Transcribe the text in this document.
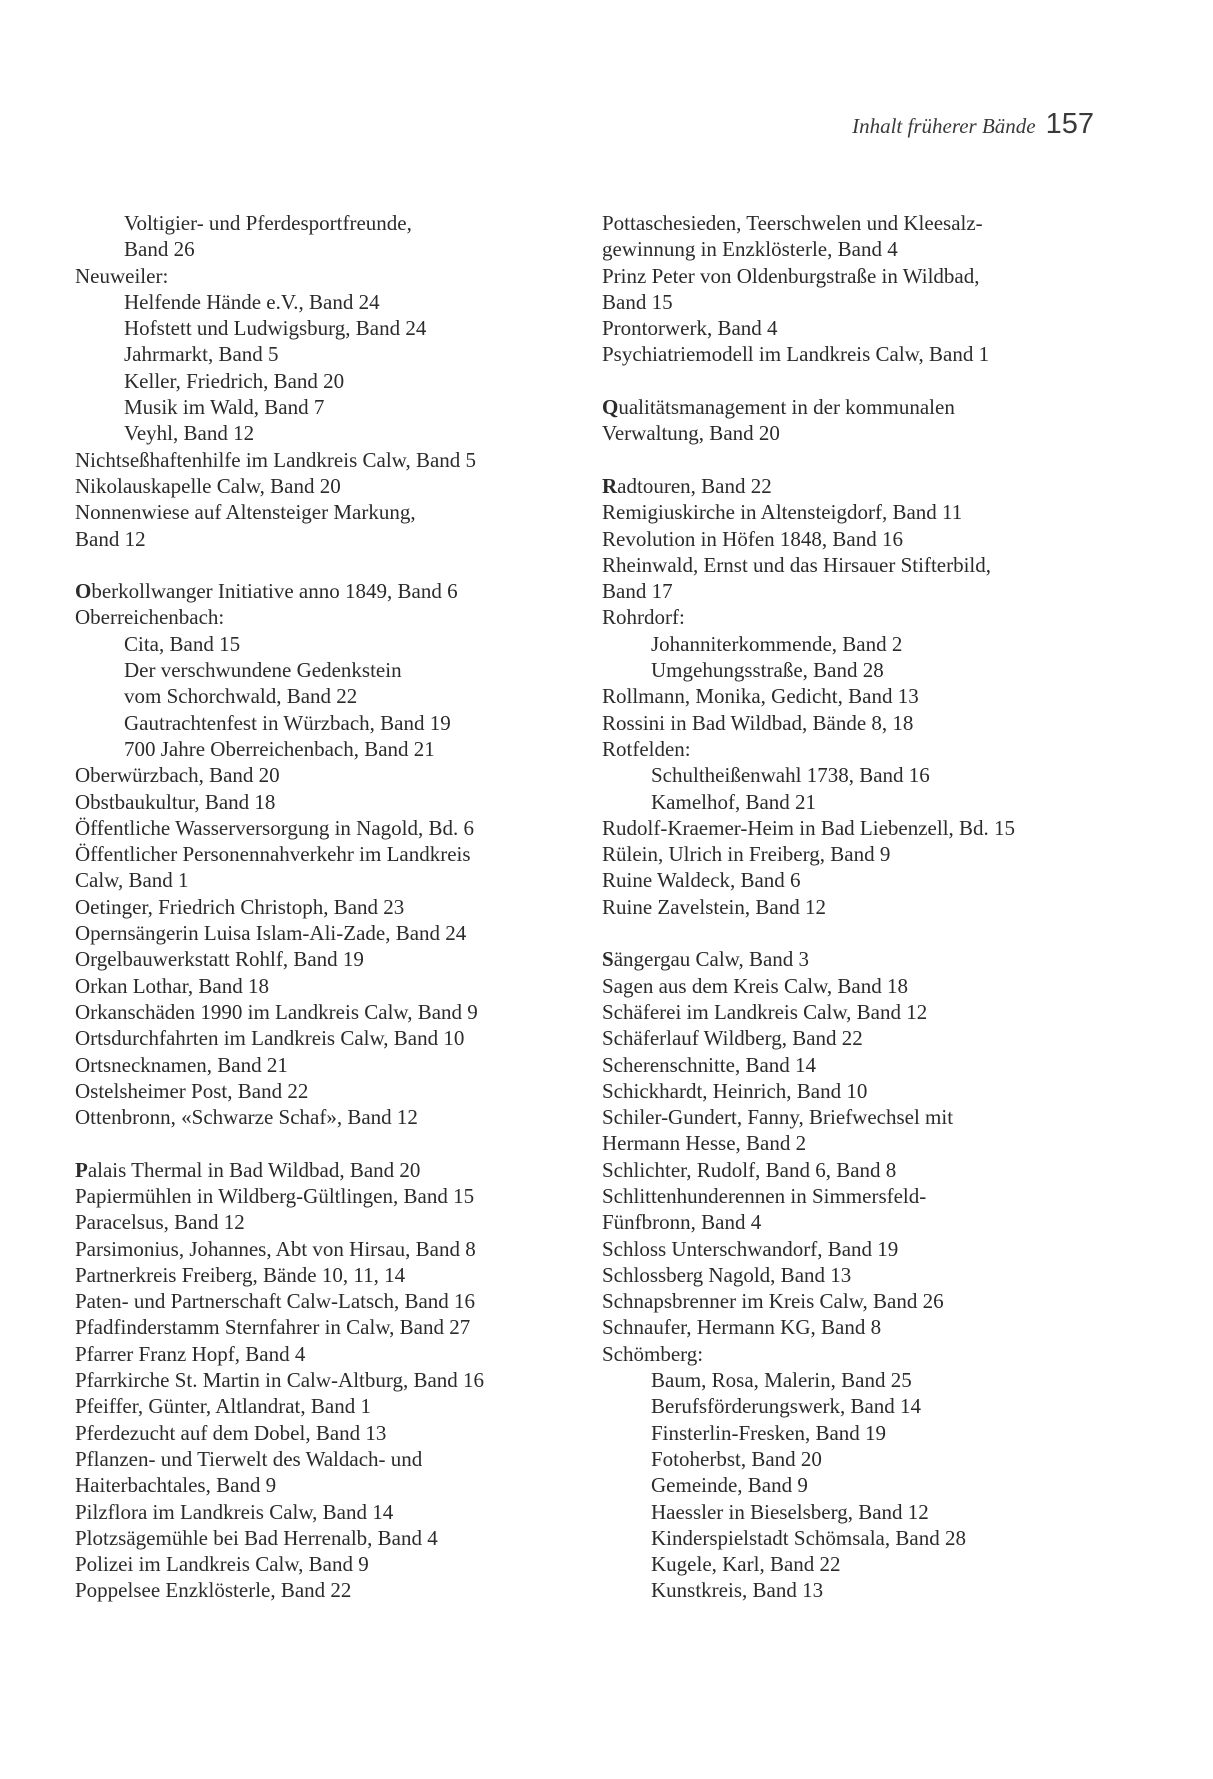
Inhalt früherer Bände 157
Voltigier- und Pferdesportfreunde,
Band 26
Neuweiler:
Helfende Hände e.V., Band 24
Hofstett und Ludwigsburg, Band 24
Jahrmarkt, Band 5
Keller, Friedrich, Band 20
Musik im Wald, Band 7
Veyhl, Band 12
Nichtseßhaftenhilfe im Landkreis Calw, Band 5
Nikolauskapelle Calw, Band 20
Nonnenwiese auf Altensteiger Markung,
Band 12
Oberkollwanger Initiative anno 1849, Band 6
Oberreichenbach:
Cita, Band 15
Der verschwundene Gedenkstein
vom Schorchwald, Band 22
Gautrachtenfest in Würzbach, Band 19
700 Jahre Oberreichenbach, Band 21
Oberwürzbach, Band 20
Obstbaukultur, Band 18
Öffentliche Wasserversorgung in Nagold, Bd. 6
Öffentlicher Personennahverkehr im Landkreis
Calw, Band 1
Oetinger, Friedrich Christoph, Band 23
Opernsängerin Luisa Islam-Ali-Zade, Band 24
Orgelbauwerkstatt Rohlf, Band 19
Orkan Lothar, Band 18
Orkanschäden 1990 im Landkreis Calw, Band 9
Ortsdurchfahrten im Landkreis Calw, Band 10
Ortsnecknamen, Band 21
Ostelsheimer Post, Band 22
Ottenbronn, «Schwarze Schaf», Band 12
Palais Thermal in Bad Wildbad, Band 20
Papiermühlen in Wildberg-Gültlingen, Band 15
Paracelsus, Band 12
Parsimonius, Johannes, Abt von Hirsau, Band 8
Partnerkreis Freiberg, Bände 10, 11, 14
Paten- und Partnerschaft Calw-Latsch, Band 16
Pfadfinderstamm Sternfahrer in Calw, Band 27
Pfarrer Franz Hopf, Band 4
Pfarrkirche St. Martin in Calw-Altburg, Band 16
Pfeiffer, Günter, Altlandrat, Band 1
Pferdezucht auf dem Dobel, Band 13
Pflanzen- und Tierwelt des Waldach- und
Haiterbachtales, Band 9
Pilzflora im Landkreis Calw, Band 14
Plotzsägemühle bei Bad Herrenalb, Band 4
Polizei im Landkreis Calw, Band 9
Poppelsee Enzklösterle, Band 22
Pottaschesieden, Teerschwelen und Kleesalz-
gewinnung in Enzklösterle, Band 4
Prinz Peter von Oldenburgstraße in Wildbad,
Band 15
Prontorwerk, Band 4
Psychiatriemodell im Landkreis Calw, Band 1
Qualitätsmanagement in der kommunalen
Verwaltung, Band 20
Radtouren, Band 22
Remigiuskirche in Altensteigdorf, Band 11
Revolution in Höfen 1848, Band 16
Rheinwald, Ernst und das Hirsauer Stifterbild,
Band 17
Rohrdorf:
Johanniterkommende, Band 2
Umgehungsstraße, Band 28
Rollmann, Monika, Gedicht, Band 13
Rossini in Bad Wildbad, Bände 8, 18
Rotfelden:
Schultheißenwahl 1738, Band 16
Kamelhof, Band 21
Rudolf-Kraemer-Heim in Bad Liebenzell, Bd. 15
Rülein, Ulrich in Freiberg, Band 9
Ruine Waldeck, Band 6
Ruine Zavelstein, Band 12
Sängergau Calw, Band 3
Sagen aus dem Kreis Calw, Band 18
Schäferei im Landkreis Calw, Band 12
Schäferlauf Wildberg, Band 22
Scherenschnitte, Band 14
Schickhardt, Heinrich, Band 10
Schiler-Gundert, Fanny, Briefwechsel mit
Hermann Hesse, Band 2
Schlichter, Rudolf, Band 6, Band 8
Schlittenhunderennen in Simmersfeld-
Fünfbronn, Band 4
Schloss Unterschwandorf, Band 19
Schlossberg Nagold, Band 13
Schnapsbrenner im Kreis Calw, Band 26
Schnaufer, Hermann KG, Band 8
Schömberg:
Baum, Rosa, Malerin, Band 25
Berufsförderungswerk, Band 14
Finsterlin-Fresken, Band 19
Fotoherbst, Band 20
Gemeinde, Band 9
Haessler in Bieselsberg, Band 12
Kinderspielstadt Schömsala, Band 28
Kugele, Karl, Band 22
Kunstkreis, Band 13
